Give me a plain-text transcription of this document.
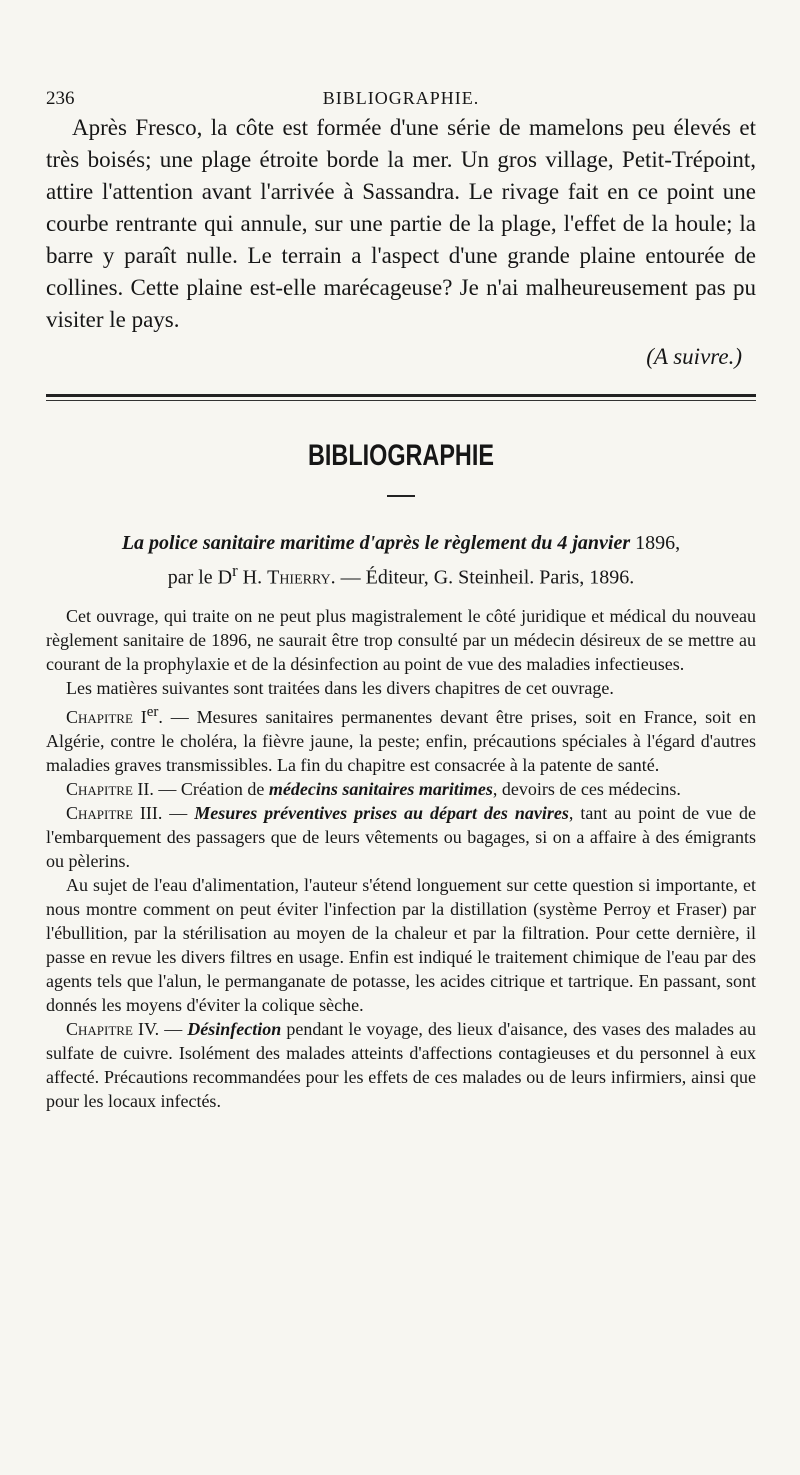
236	BIBLIOGRAPHIE.

Après Fresco, la côte est formée d'une série de mamelons peu élevés et très boisés; une plage étroite borde la mer. Un gros village, Petit-Trépoint, attire l'attention avant l'arrivée à Sassandra. Le rivage fait en ce point une courbe rentrante qui annule, sur une partie de la plage, l'effet de la houle; la barre y paraît nulle. Le terrain a l'aspect d'une grande plaine entourée de collines. Cette plaine est-elle marécageuse? Je n'ai malheureusement pas pu visiter le pays.

(A suivre.)
BIBLIOGRAPHIE
La police sanitaire maritime d'après le règlement du 4 janvier 1896,
par le $D^r$ H. Thierry. — Éditeur, G. Steinheil. Paris, 1896.

Cet ouvrage, qui traite on ne peut plus magistralement le côté juridique et médical du nouveau règlement sanitaire de 1896, ne saurait être trop consulté par un médecin désireux de se mettre au courant de la prophylaxie et de la désinfection au point de vue des maladies infectieuses.

Les matières suivantes sont traitées dans les divers chapitres de cet ouvrage.

Chapitre Ier. — Mesures sanitaires permanentes devant être prises, soit en France, soit en Algérie, contre le choléra, la fièvre jaune, la peste; enfin, précautions spéciales à l'égard d'autres maladies graves transmissibles. La fin du chapitre est consacrée à la patente de santé.

Chapitre II. — Création de médecins sanitaires maritimes, devoirs de ces médecins.

Chapitre III. — Mesures préventives prises au départ des navires, tant au point de vue de l'embarquement des passagers que de leurs vêtements ou bagages, si on a affaire à des émigrants ou pèlerins.

Au sujet de l'eau d'alimentation, l'auteur s'étend longuement sur cette question si importante, et nous montre comment on peut éviter l'infection par la distillation (système Perroy et Fraser) par l'ébullition, par la stérilisation au moyen de la chaleur et par la filtration. Pour cette dernière, il passe en revue les divers filtres en usage. Enfin est indiqué le traitement chimique de l'eau par des agents tels que l'alun, le permanganate de potasse, les acides citrique et tartrique. En passant, sont donnés les moyens d'éviter la colique sèche.

Chapitre IV. — Désinfection pendant le voyage, des lieux d'aisance, des vases des malades au sulfate de cuivre. Isolément des malades atteints d'affections contagieuses et du personnel à eux affecté. Précautions recommandées pour les effets de ces malades ou de leurs infirmiers, ainsi que pour les locaux infectés.
